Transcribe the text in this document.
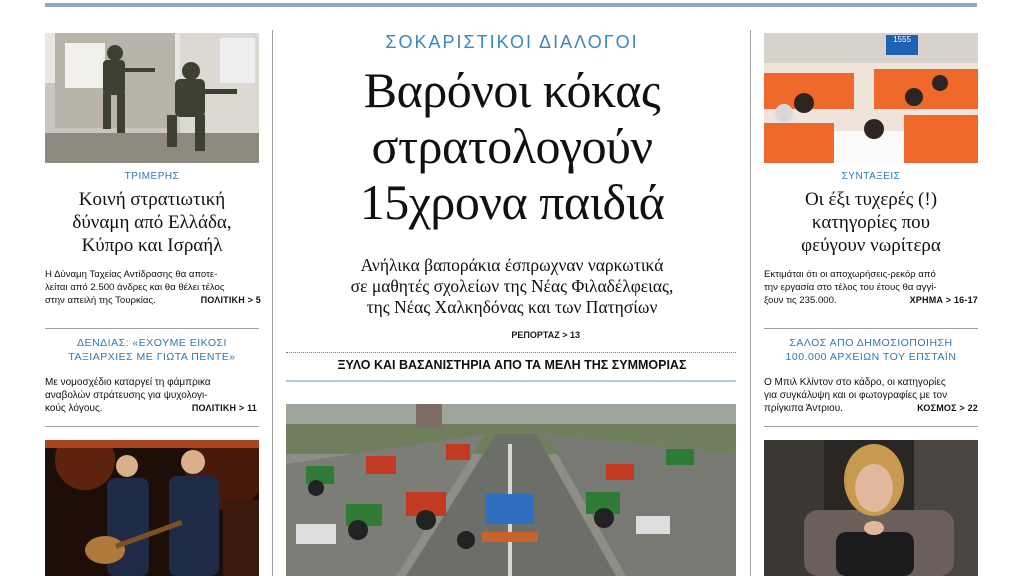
ΤΡΙΜΕΡΗΣ
Κοινή στρατιωτική
δύναμη από Ελλάδα,
Κύπρο και Ισραήλ
Η Δύναμη Ταχείας Αντίδρασης θα αποτε-
λείται από 2.500 άνδρες και θα θέλει τέλος
στην απειλή της Τουρκίας.	ΠΟΛΙΤΙΚΗ > 5
ΔΕΝΔΙΑΣ: «ΕΧΟΥΜΕ ΕΙΚΟΣΙ
ΤΑΞΙΑΡΧΙΕΣ ΜΕ ΓΙΩΤΑ ΠΕΝΤΕ»
Με νομοσχέδιο καταργεί τη φάμπρικα
αναβολών στράτευσης για ψυχολογι-
κούς λόγους.	ΠΟΛΙΤΙΚΗ > 11
ΣΟΚΑΡΙΣΤΙΚΟΙ ΔΙΑΛΟΓΟΙ
Βαρόνοι κόκας
στρατολογούν
15χρονα παιδιά
Ανήλικα βαποράκια έσπρωχναν ναρκωτικά
σε μαθητές σχολείων της Νέας Φιλαδέλφειας,
της Νέας Χαλκηδόνας και των Πατησίων
ΡΕΠΟΡΤΑΖ > 13
ΞΥΛΟ ΚΑΙ ΒΑΣΑΝΙΣΤΗΡΙΑ ΑΠΟ ΤΑ ΜΕΛΗ ΤΗΣ ΣΥΜΜΟΡΙΑΣ
1555
ΣΥΝΤΑΞΕΙΣ
Οι έξι τυχερές (!)
κατηγορίες που
φεύγουν νωρίτερα
Εκτιμάται ότι οι αποχωρήσεις-ρεκόρ από
την εργασία στο τέλος του έτους θα αγγί-
ξουν τις 235.000.	ΧΡΗΜΑ > 16-17
ΣΑΛΟΣ ΑΠΟ ΔΗΜΟΣΙΟΠΟΙΗΣΗ
100.000 ΑΡΧΕΙΩΝ ΤΟΥ ΕΠΣΤΑΪΝ
Ο Μπιλ Κλίντον στο κάδρο, οι κατηγορίες
για συγκάλυψη και οι φωτογραφίες με τον
πρίγκιπα Άντριου.	ΚΟΣΜΟΣ > 22
